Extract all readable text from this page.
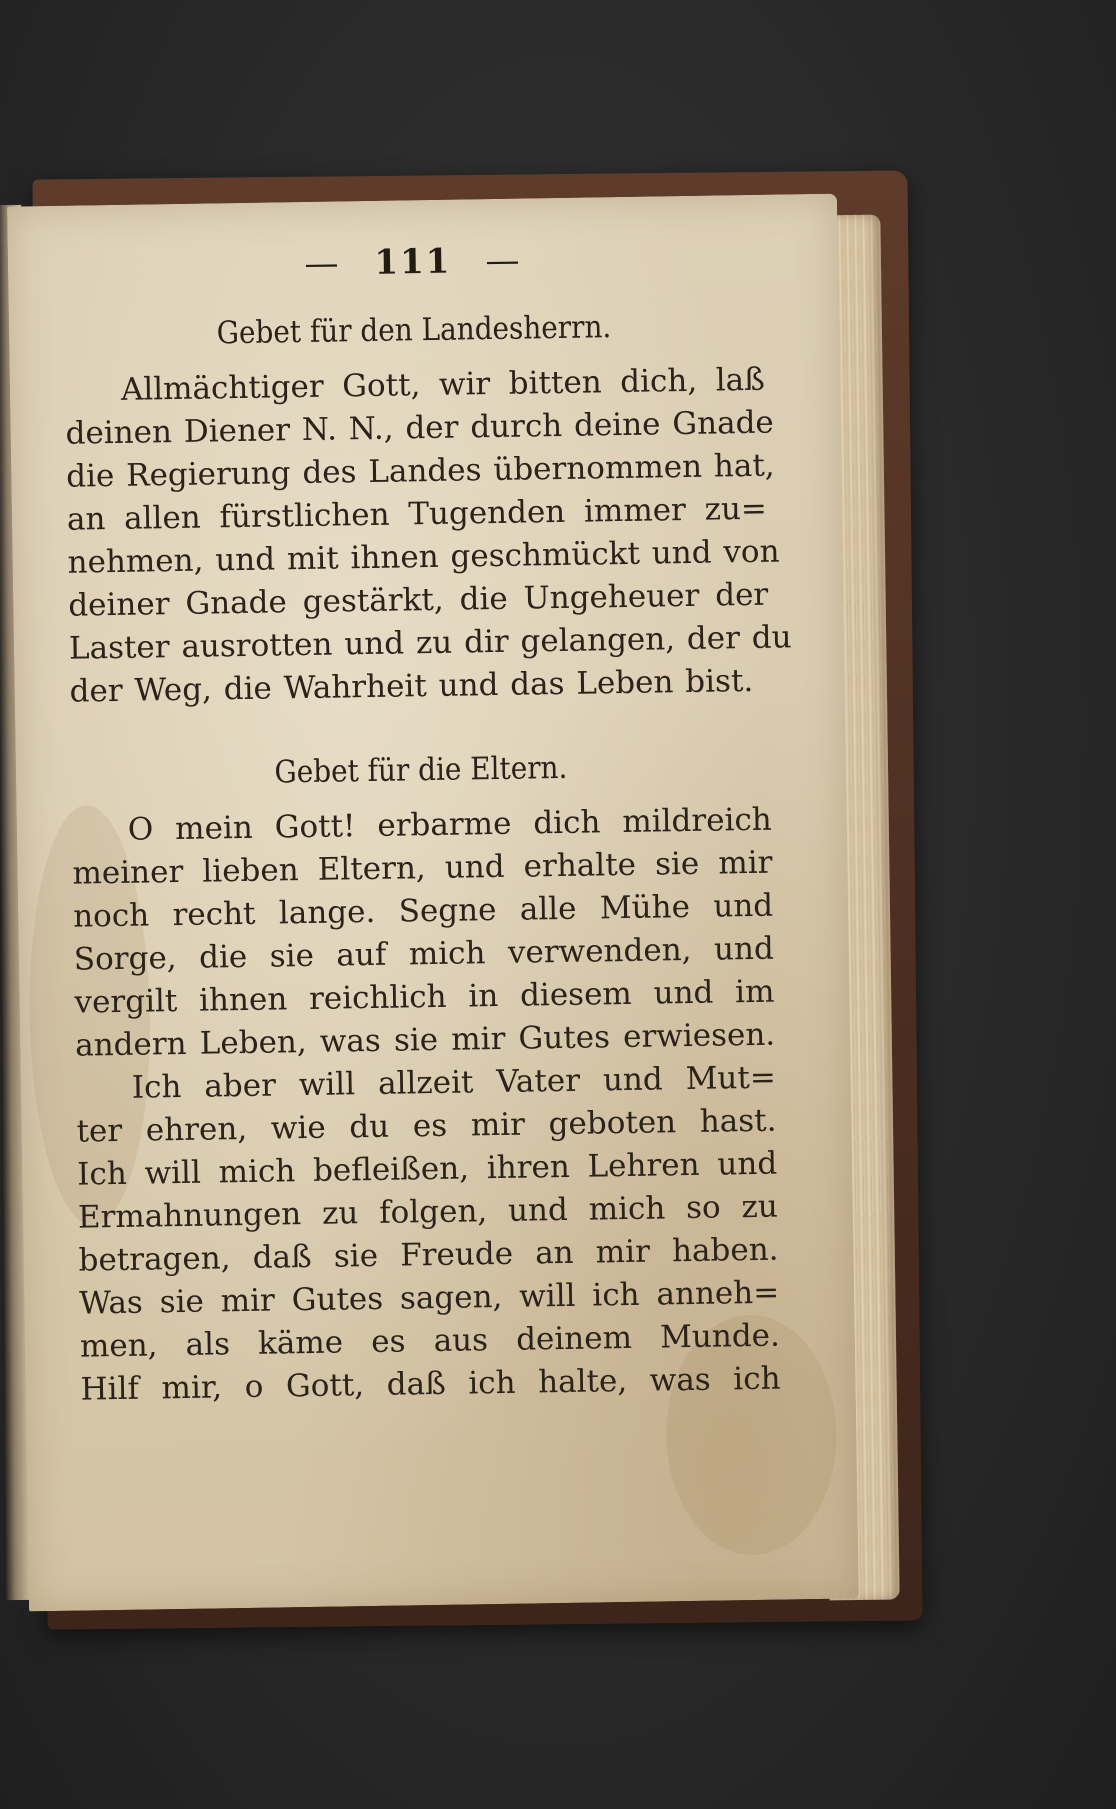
— 111 —
Gebet für den Landesherrn.
Allmächtiger Gott, wir bitten dich, laß
deinen Diener N. N., der durch deine Gnade
die Regierung des Landes übernommen hat,
an allen fürstlichen Tugenden immer zu=
nehmen, und mit ihnen geschmückt und von
deiner Gnade gestärkt, die Ungeheuer der
Laster ausrotten und zu dir gelangen, der du
der Weg, die Wahrheit und das Leben bist.
Gebet für die Eltern.
O mein Gott! erbarme dich mildreich
meiner lieben Eltern, und erhalte sie mir
noch recht lange. Segne alle Mühe und
Sorge, die sie auf mich verwenden, und
vergilt ihnen reichlich in diesem und im
andern Leben, was sie mir Gutes erwiesen.
Ich aber will allzeit Vater und Mut=
ter ehren, wie du es mir geboten hast.
Ich will mich befleißen, ihren Lehren und
Ermahnungen zu folgen, und mich so zu
betragen, daß sie Freude an mir haben.
Was sie mir Gutes sagen, will ich anneh=
men, als käme es aus deinem Munde.
Hilf mir, o Gott, daß ich halte, was ich
